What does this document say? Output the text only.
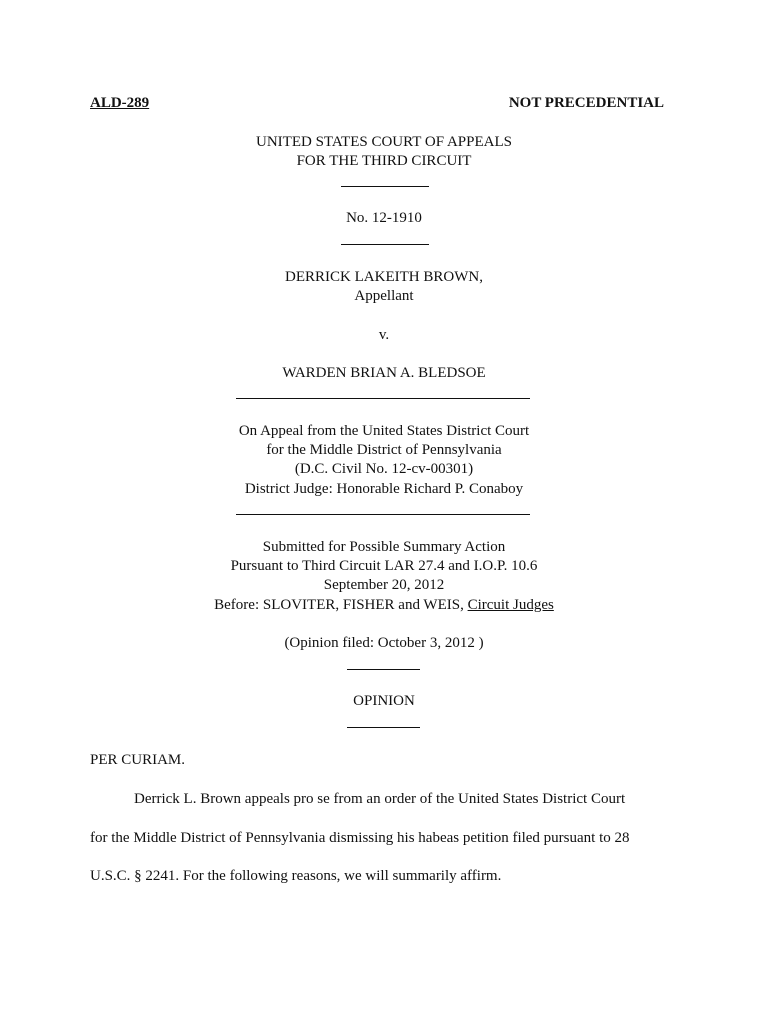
ALD-289	NOT PRECEDENTIAL
UNITED STATES COURT OF APPEALS
FOR THE THIRD CIRCUIT
No. 12-1910
DERRICK LAKEITH BROWN,
Appellant
v.
WARDEN BRIAN A. BLEDSOE
On Appeal from the United States District Court
for the Middle District of Pennsylvania
(D.C. Civil No. 12-cv-00301)
District Judge: Honorable Richard P. Conaboy
Submitted for Possible Summary Action
Pursuant to Third Circuit LAR 27.4 and I.O.P. 10.6
September 20, 2012
Before: SLOVITER, FISHER and WEIS, Circuit Judges
(Opinion filed: October 3, 2012 )
OPINION
PER CURIAM.
Derrick L. Brown appeals pro se from an order of the United States District Court
for the Middle District of Pennsylvania dismissing his habeas petition filed pursuant to 28
U.S.C. § 2241. For the following reasons, we will summarily affirm.
